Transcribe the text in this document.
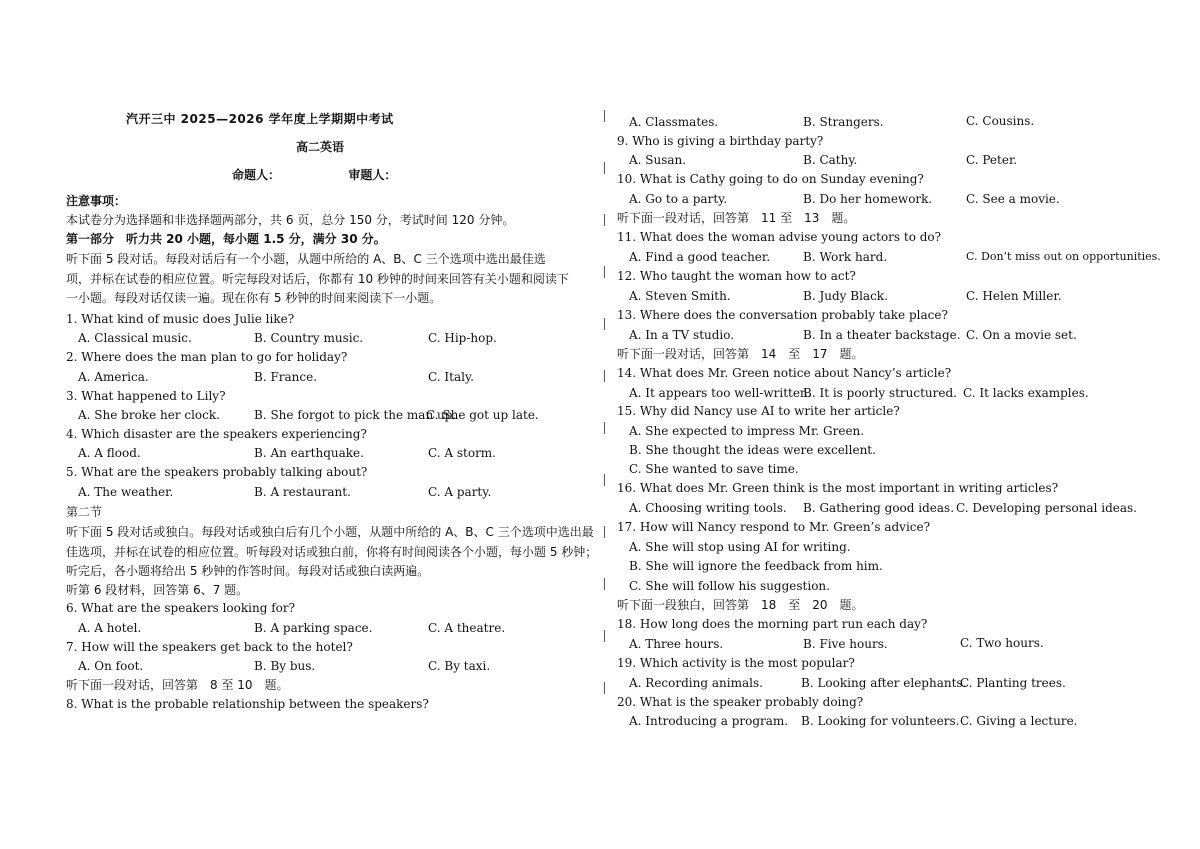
汽开三中 2025—2026 学年度上学期期中考试
高二英语
命题人：	审题人：
注意事项：
本试卷分为选择题和非选择题两部分，共 6 页，总分 150 分，考试时间 120 分钟。
第一部分　听力共 20 小题，每小题 1.5 分，满分 30 分。
听下面 5 段对话。每段对话后有一个小题，从题中所给的 A、B、C 三个选项中选出最佳选
项，并标在试卷的相应位置。听完每段对话后，你都有 10 秒钟的时间来回答有关小题和阅读下
一小题。每段对话仅读一遍。现在你有 5 秒钟的时间来阅读下一小题。
1. What kind of music does Julie like?
A. Classical music.	B. Country music.	C. Hip-hop.
2. Where does the man plan to go for holiday?
A. America.	B. France.	C. Italy.
3. What happened to Lily?
A. She broke her clock.	B. She forgot to pick the man up.
C. She got up late.
4. Which disaster are the speakers experiencing?
A. A flood.	B. An earthquake.	C. A storm.
5. What are the speakers probably talking about?
A. The weather.	B. A restaurant.	C. A party.
第二节
听下面 5 段对话或独白。每段对话或独白后有几个小题，从题中所给的 A、B、C 三个选项中选出最
佳选项，并标在试卷的相应位置。听每段对话或独白前，你将有时间阅读各个小题，每小题 5 秒钟；
听完后，各小题将给出 5 秒钟的作答时间。每段对话或独白读两遍。
听第 6 段材料，回答第 6、7 题。
6. What are the speakers looking for?
A. A hotel.	B. A parking space.	C. A theatre.
7. How will the speakers get back to the hotel?
A. On foot.	B. By bus.	C. By taxi.
听下面一段对话，回答第　8 至 10　题。
8. What is the probable relationship between the speakers?
A. Classmates.	B. Strangers.	C. Cousins.
9. Who is giving a birthday party?
A. Susan.	B. Cathy.	C. Peter.
10. What is Cathy going to do on Sunday evening?
A. Go to a party.	B. Do her homework.	C. See a movie.
听下面一段对话，回答第　11 至　13　题。
11. What does the woman advise young actors to do?
A. Find a good teacher.	B. Work hard.	C. Don’t miss out on opportunities.
12. Who taught the woman how to act?
A. Steven Smith.	B. Judy Black.	C. Helen Miller.
13. Where does the conversation probably take place?
A. In a TV studio.	B. In a theater backstage. C. On a movie set.
听下面一段对话，回答第　14　至　17　题。
14. What does Mr. Green notice about Nancy’s article?
A. It appears too well-written.
B. It is poorly structured. C. It lacks examples.
15. Why did Nancy use AI to write her article?
A. She expected to impress Mr. Green.
B. She thought the ideas were excellent.
C. She wanted to save time.
16. What does Mr. Green think is the most important in writing articles?
A. Choosing writing tools. B. Gathering good ideas. C. Developing personal ideas.
17. How will Nancy respond to Mr. Green’s advice?
A. She will stop using AI for writing.
B. She will ignore the feedback from him.
C. She will follow his suggestion.
听下面一段独白，回答第　18　至　20　题。
18. How long does the morning part run each day?
A. Three hours.	B. Five hours.	C. Two hours.
19. Which activity is the most popular?
A. Recording animals.	B. Looking after elephants.
C. Planting trees.
20. What is the speaker probably doing?
A. Introducing a program. B. Looking for volunteers. C. Giving a lecture.
